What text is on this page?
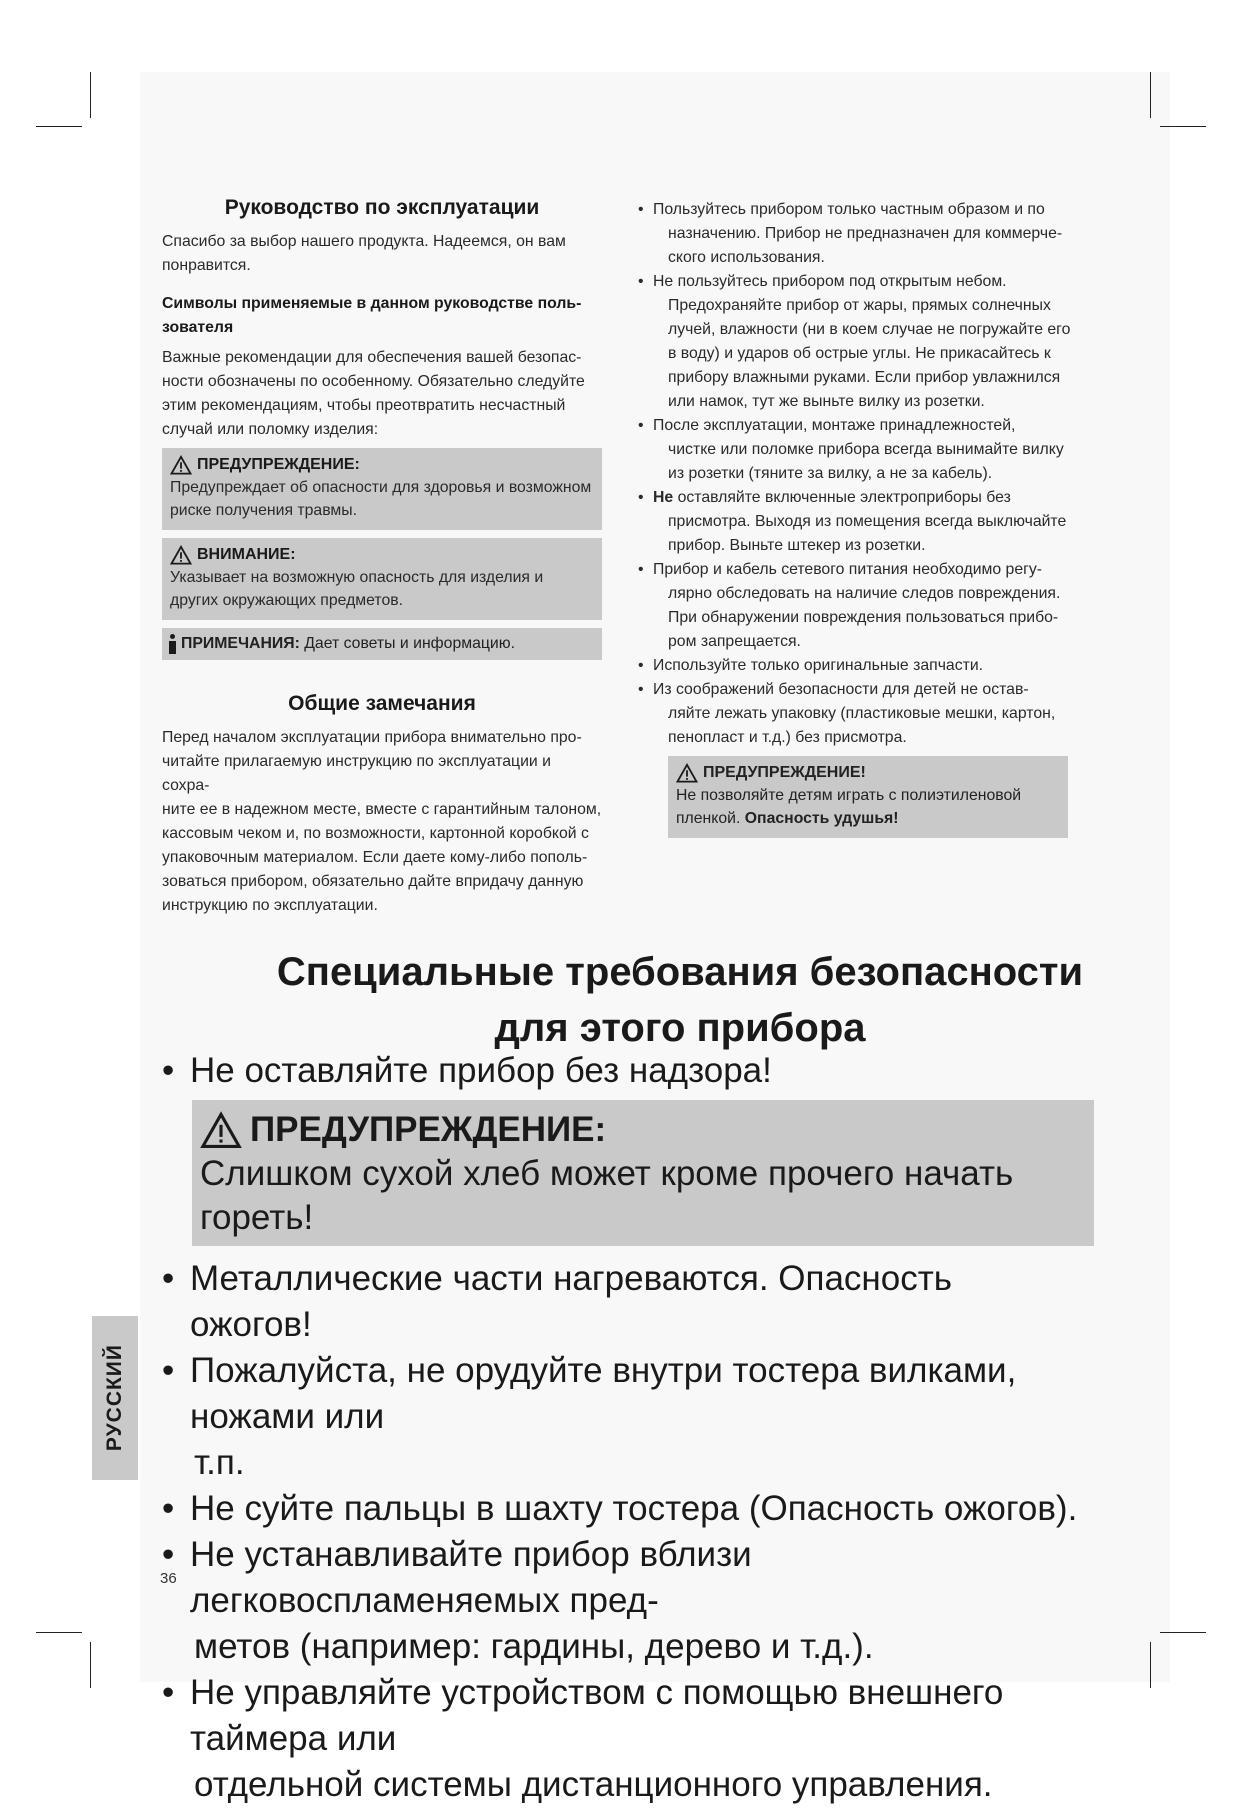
Руководство по эксплуатации
Спасибо за выбор нашего продукта. Надеемся, он вам
понравится.
Символы применяемые в данном руководстве поль-
зователя
Важные рекомендации для обеспечения вашей безопас-
ности обозначены по особенному. Обязательно следуйте
этим рекомендациям, чтобы преотвратить несчастный
случай или поломку изделия:
ПРЕДУПРЕЖДЕНИЕ:
Предупреждает об опасности для здоровья и возможном
риске получения травмы.
ВНИМАНИЕ:
Указывает на возможную опасность для изделия и
других окружающих предметов.
ПРИМЕЧАНИЯ: Дает советы и информацию.
Общие замечания
Перед началом эксплуатации прибора внимательно про-
читайте прилагаемую инструкцию по эксплуатации и сохра-
ните ее в надежном месте, вместе с гарантийным талоном,
кассовым чеком и, по возможности, картонной коробкой с
упаковочным материалом. Если даете кому-либо пополь-
зоваться прибором, обязательно дайте впридачу данную
инструкцию по эксплуатации.
• Пользуйтесь прибором только частным образом и по
назначению. Прибор не предназначен для коммерче-
ского использования.
• Не пользуйтесь прибором под открытым небом.
Предохраняйте прибор от жары, прямых солнечных
лучей, влажности (ни в коем случае не погружайте его
в воду) и ударов об острые углы. Не прикасайтесь к
прибору влажными руками. Если прибор увлажнился
или намок, тут же выньте вилку из розетки.
• После эксплуатации, монтаже принадлежностей,
чистке или поломке прибора всегда вынимайте вилку
из розетки (тяните за вилку, а не за кабель).
• Не оставляйте включенные электроприборы без
присмотра. Выходя из помещения всегда выключайте
прибор. Выньте штекер из розетки.
• Прибор и кабель сетевого питания необходимо регу-
лярно обследовать на наличие следов повреждения.
При обнаружении повреждения пользоваться прибо-
ром запрещается.
• Используйте только оригинальные запчасти.
• Из соображений безопасности для детей не остав-
ляйте лежать упаковку (пластиковые мешки, картон,
пенопласт и т.д.) без присмотра.
ПРЕДУПРЕЖДЕНИЕ!
Не позволяйте детям играть с полиэтиленовой
пленкой. Опасность удушья!
Специальные требования безопасности
для этого прибора
• Не оставляйте прибор без надзора!
ПРЕДУПРЕЖДЕНИЕ:
Слишком сухой хлеб может кроме прочего начать гореть!
• Металлические части нагреваются. Опасность ожогов!
• Пожалуйста, не орудуйте внутри тостера вилками, ножами или
т.п.
• Не суйте пальцы в шахту тостера (Опасность ожогов).
• Не устанавливайте прибор вблизи легковоспламеняемых пред-
метов (например: гардины, дерево и т.д.).
• Не управляйте устройством с помощью внешнего таймера или
отдельной системы дистанционного управления.
РУССКИЙ
36
